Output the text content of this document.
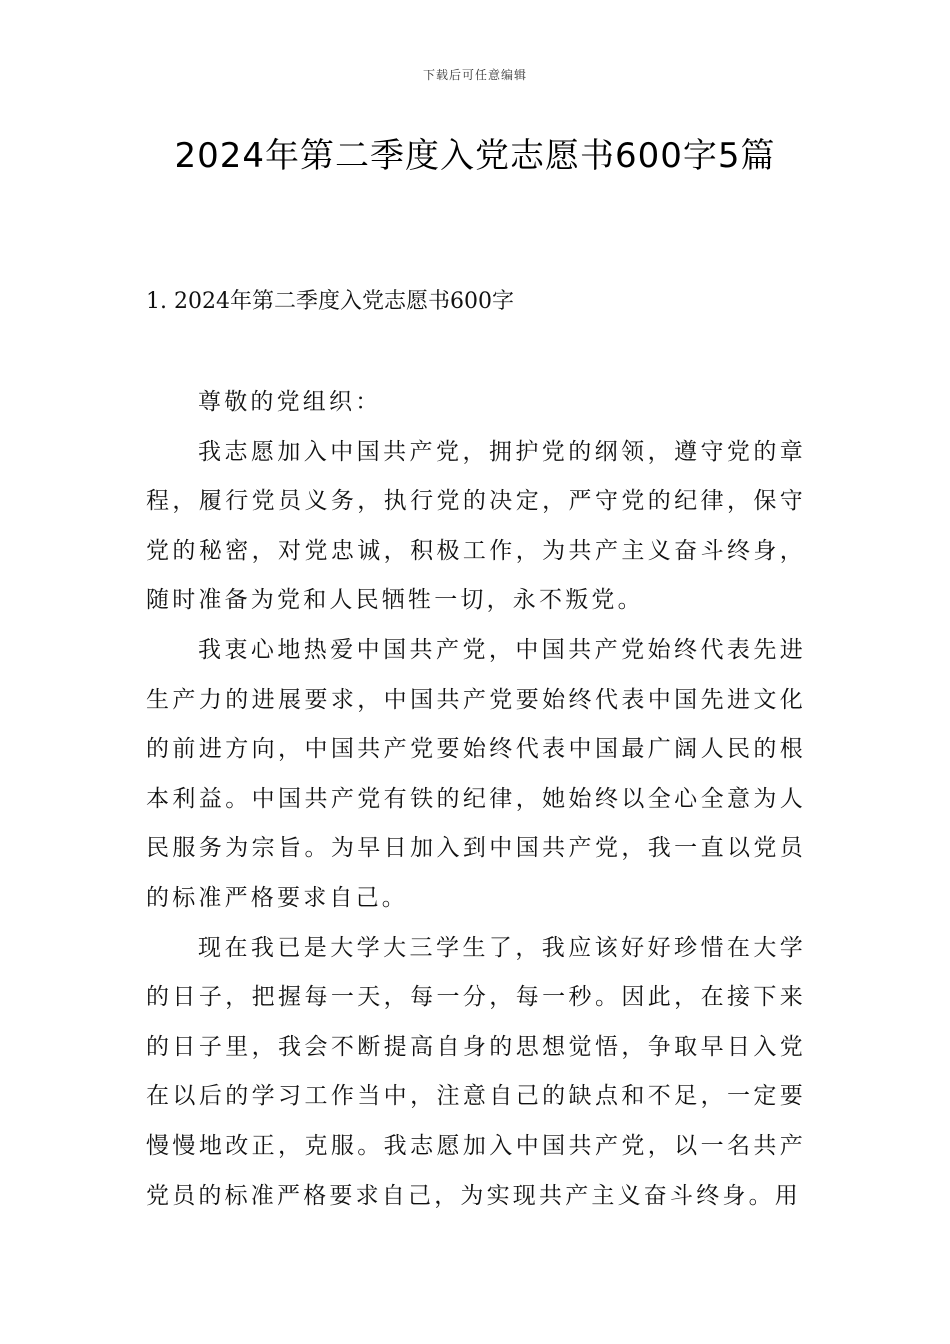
下载后可任意编辑
2024年第二季度入党志愿书600字5篇
1. 2024年第二季度入党志愿书600字

尊敬的党组织：

我志愿加入中国共产党，拥护党的纲领，遵守党的章程，履行党员义务，执行党的决定，严守党的纪律，保守党的秘密，对党忠诚，积极工作，为共产主义奋斗终身，随时准备为党和人民牺牲一切，永不叛党。

我衷心地热爱中国共产党，中国共产党始终代表先进生产力的进展要求，中国共产党要始终代表中国先进文化的前进方向，中国共产党要始终代表中国最广阔人民的根本利益。中国共产党有铁的纪律，她始终以全心全意为人民服务为宗旨。为早日加入到中国共产党，我一直以党员的标准严格要求自己。

现在我已是大学大三学生了，我应该好好珍惜在大学的日子，把握每一天，每一分，每一秒。因此，在接下来的日子里，我会不断提高自身的思想觉悟，争取早日入党在以后的学习工作当中，注意自己的缺点和不足，一定要慢慢地改正，克服。我志愿加入中国共产党，以一名共产党员的标准严格要求自己，为实现共产主义奋斗终身。用
